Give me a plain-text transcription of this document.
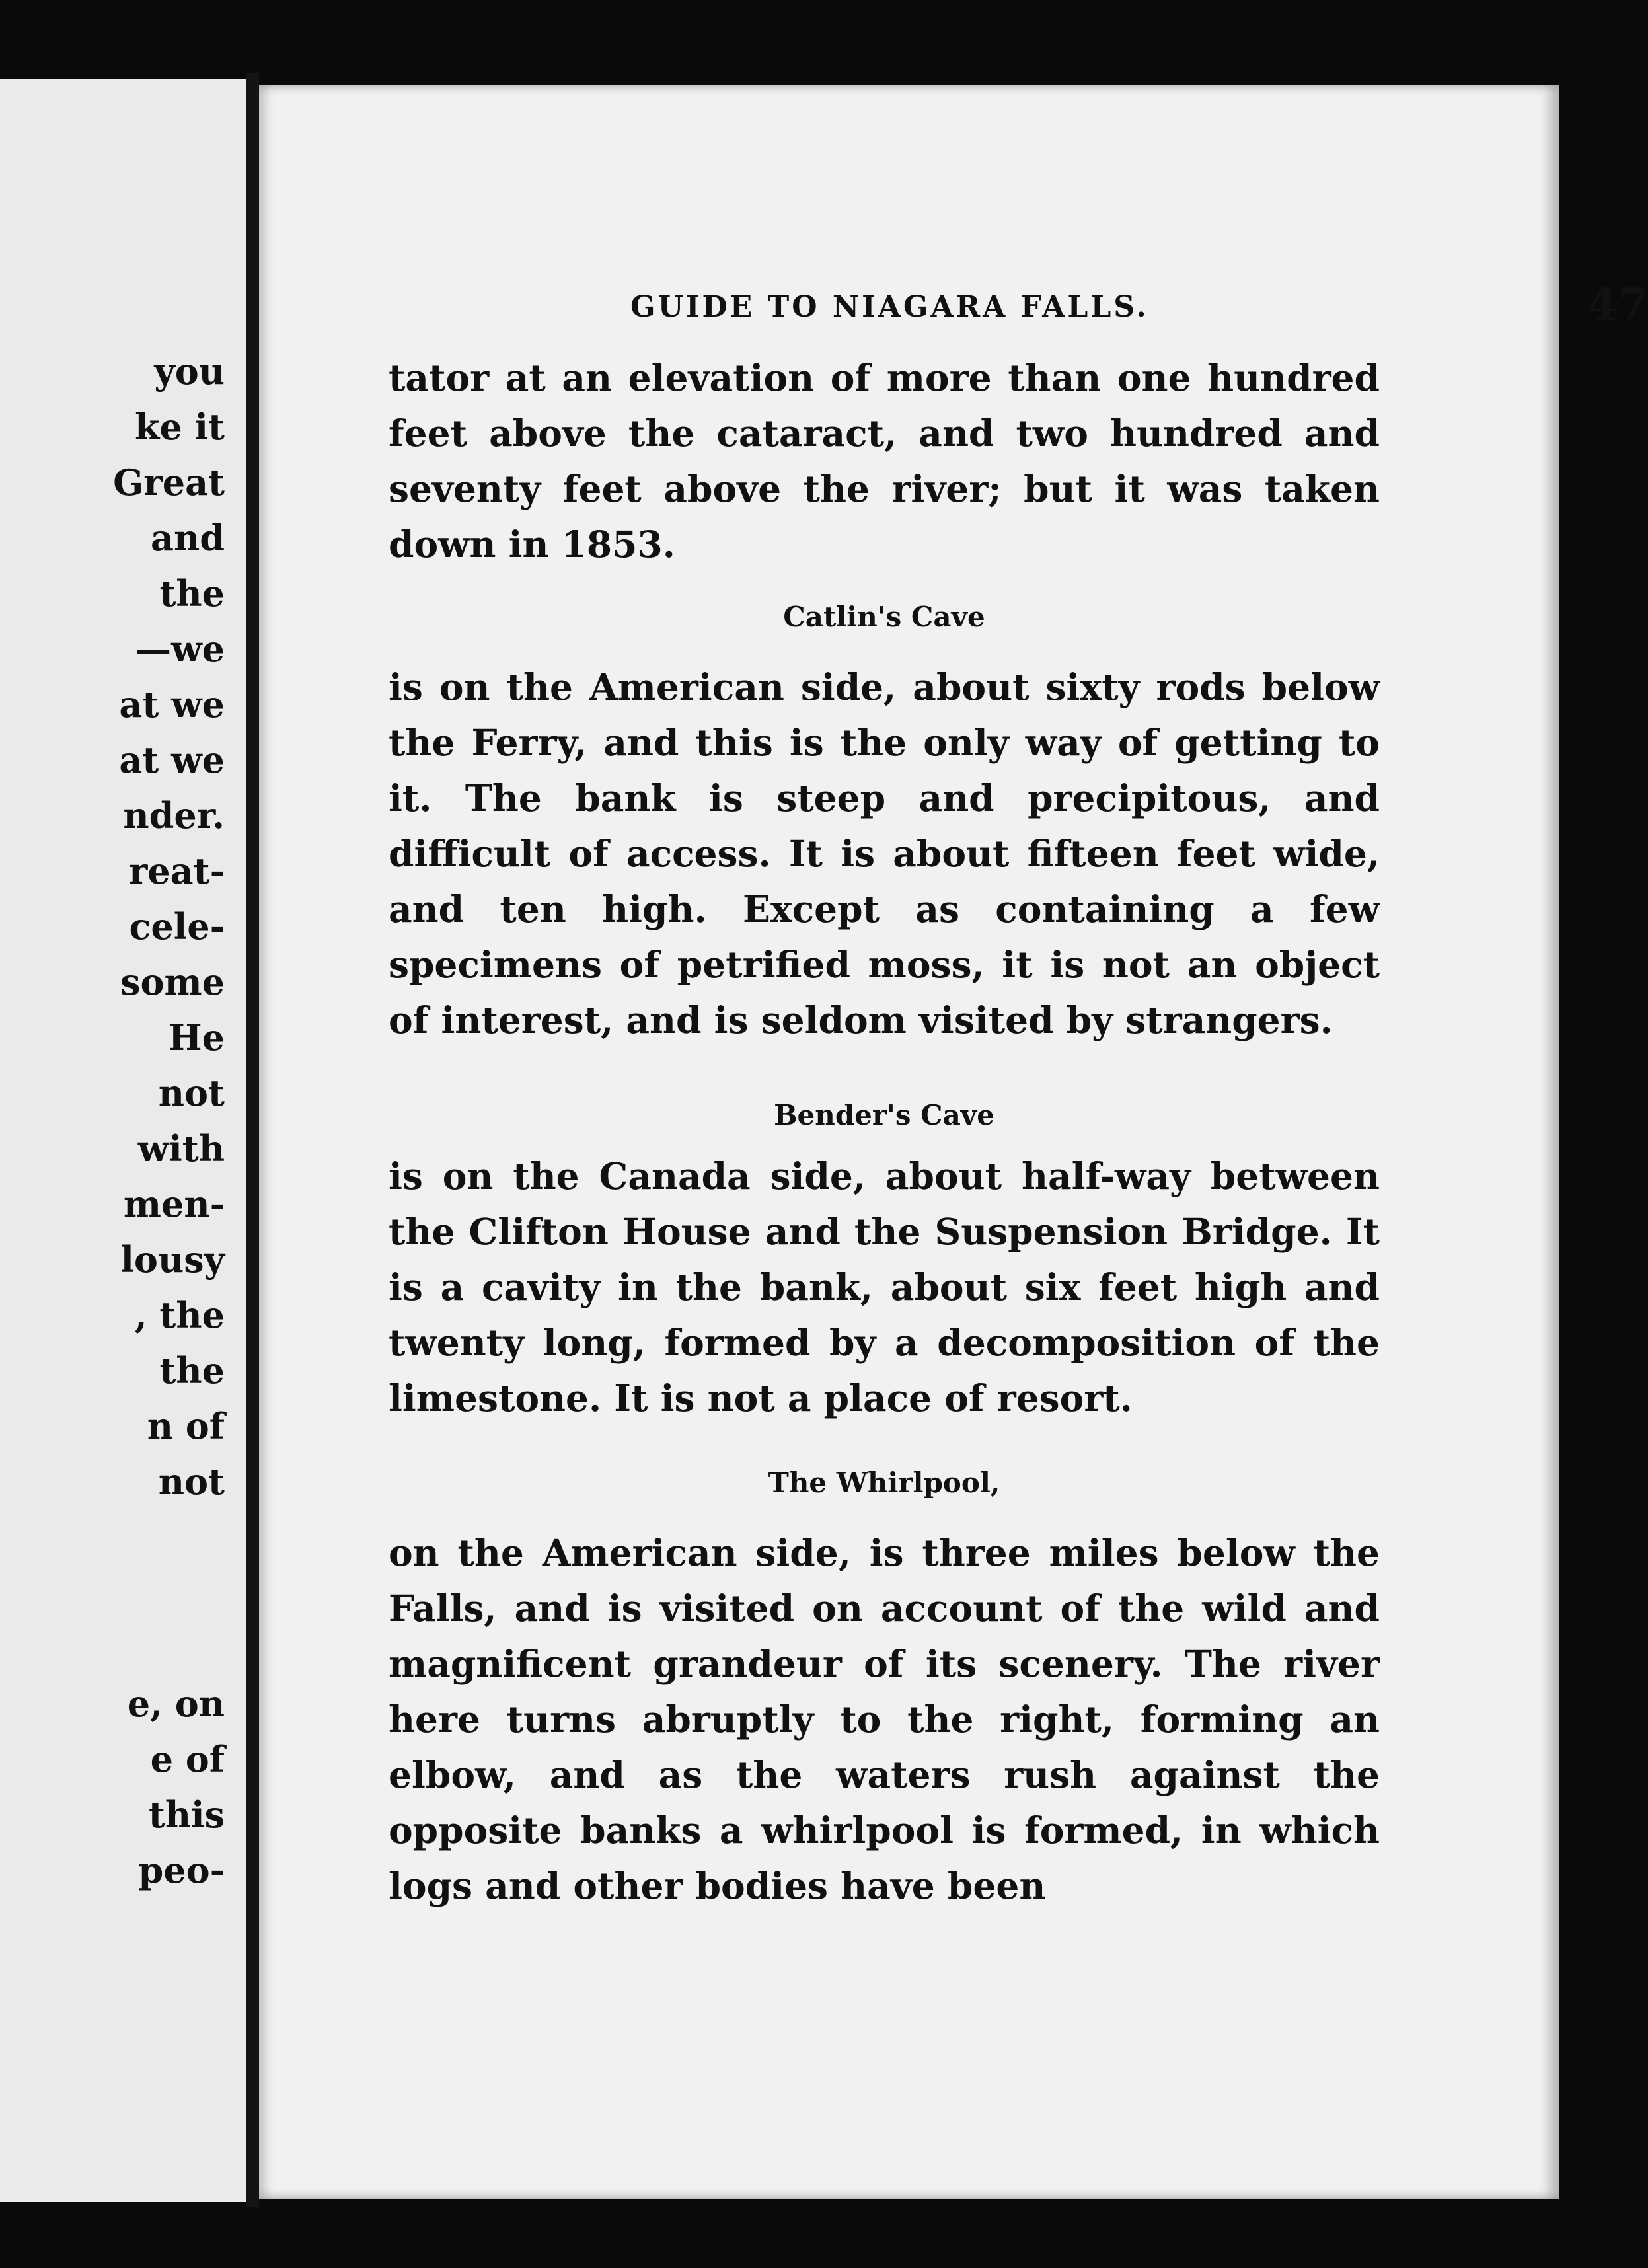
you
ke it
Great
and
the
—we
at we
at we
nder.
reat-
cele-
some
He
not
with
men-
lousy
, the
the
n of
not
e, on
e of
this
peo-
GUIDE TO NIAGARA FALLS.	47

tator at an elevation of more than one hundred feet above the cataract, and two hundred and seventy feet above the river; but it was taken down in 1853.

Catlin's Cave

is on the American side, about sixty rods below the Ferry, and this is the only way of getting to it. The bank is steep and precipitous, and difficult of access. It is about fifteen feet wide, and ten high. Except as containing a few specimens of petrified moss, it is not an object of interest, and is seldom visited by strangers.

Bender's Cave

is on the Canada side, about half-way between the Clifton House and the Suspension Bridge. It is a cavity in the bank, about six feet high and twenty long, formed by a decomposition of the limestone. It is not a place of resort.

The Whirlpool,

on the American side, is three miles below the Falls, and is visited on account of the wild and magnificent grandeur of its scenery. The river here turns abruptly to the right, forming an elbow, and as the waters rush against the opposite banks a whirlpool is formed, in which logs and other bodies have been
